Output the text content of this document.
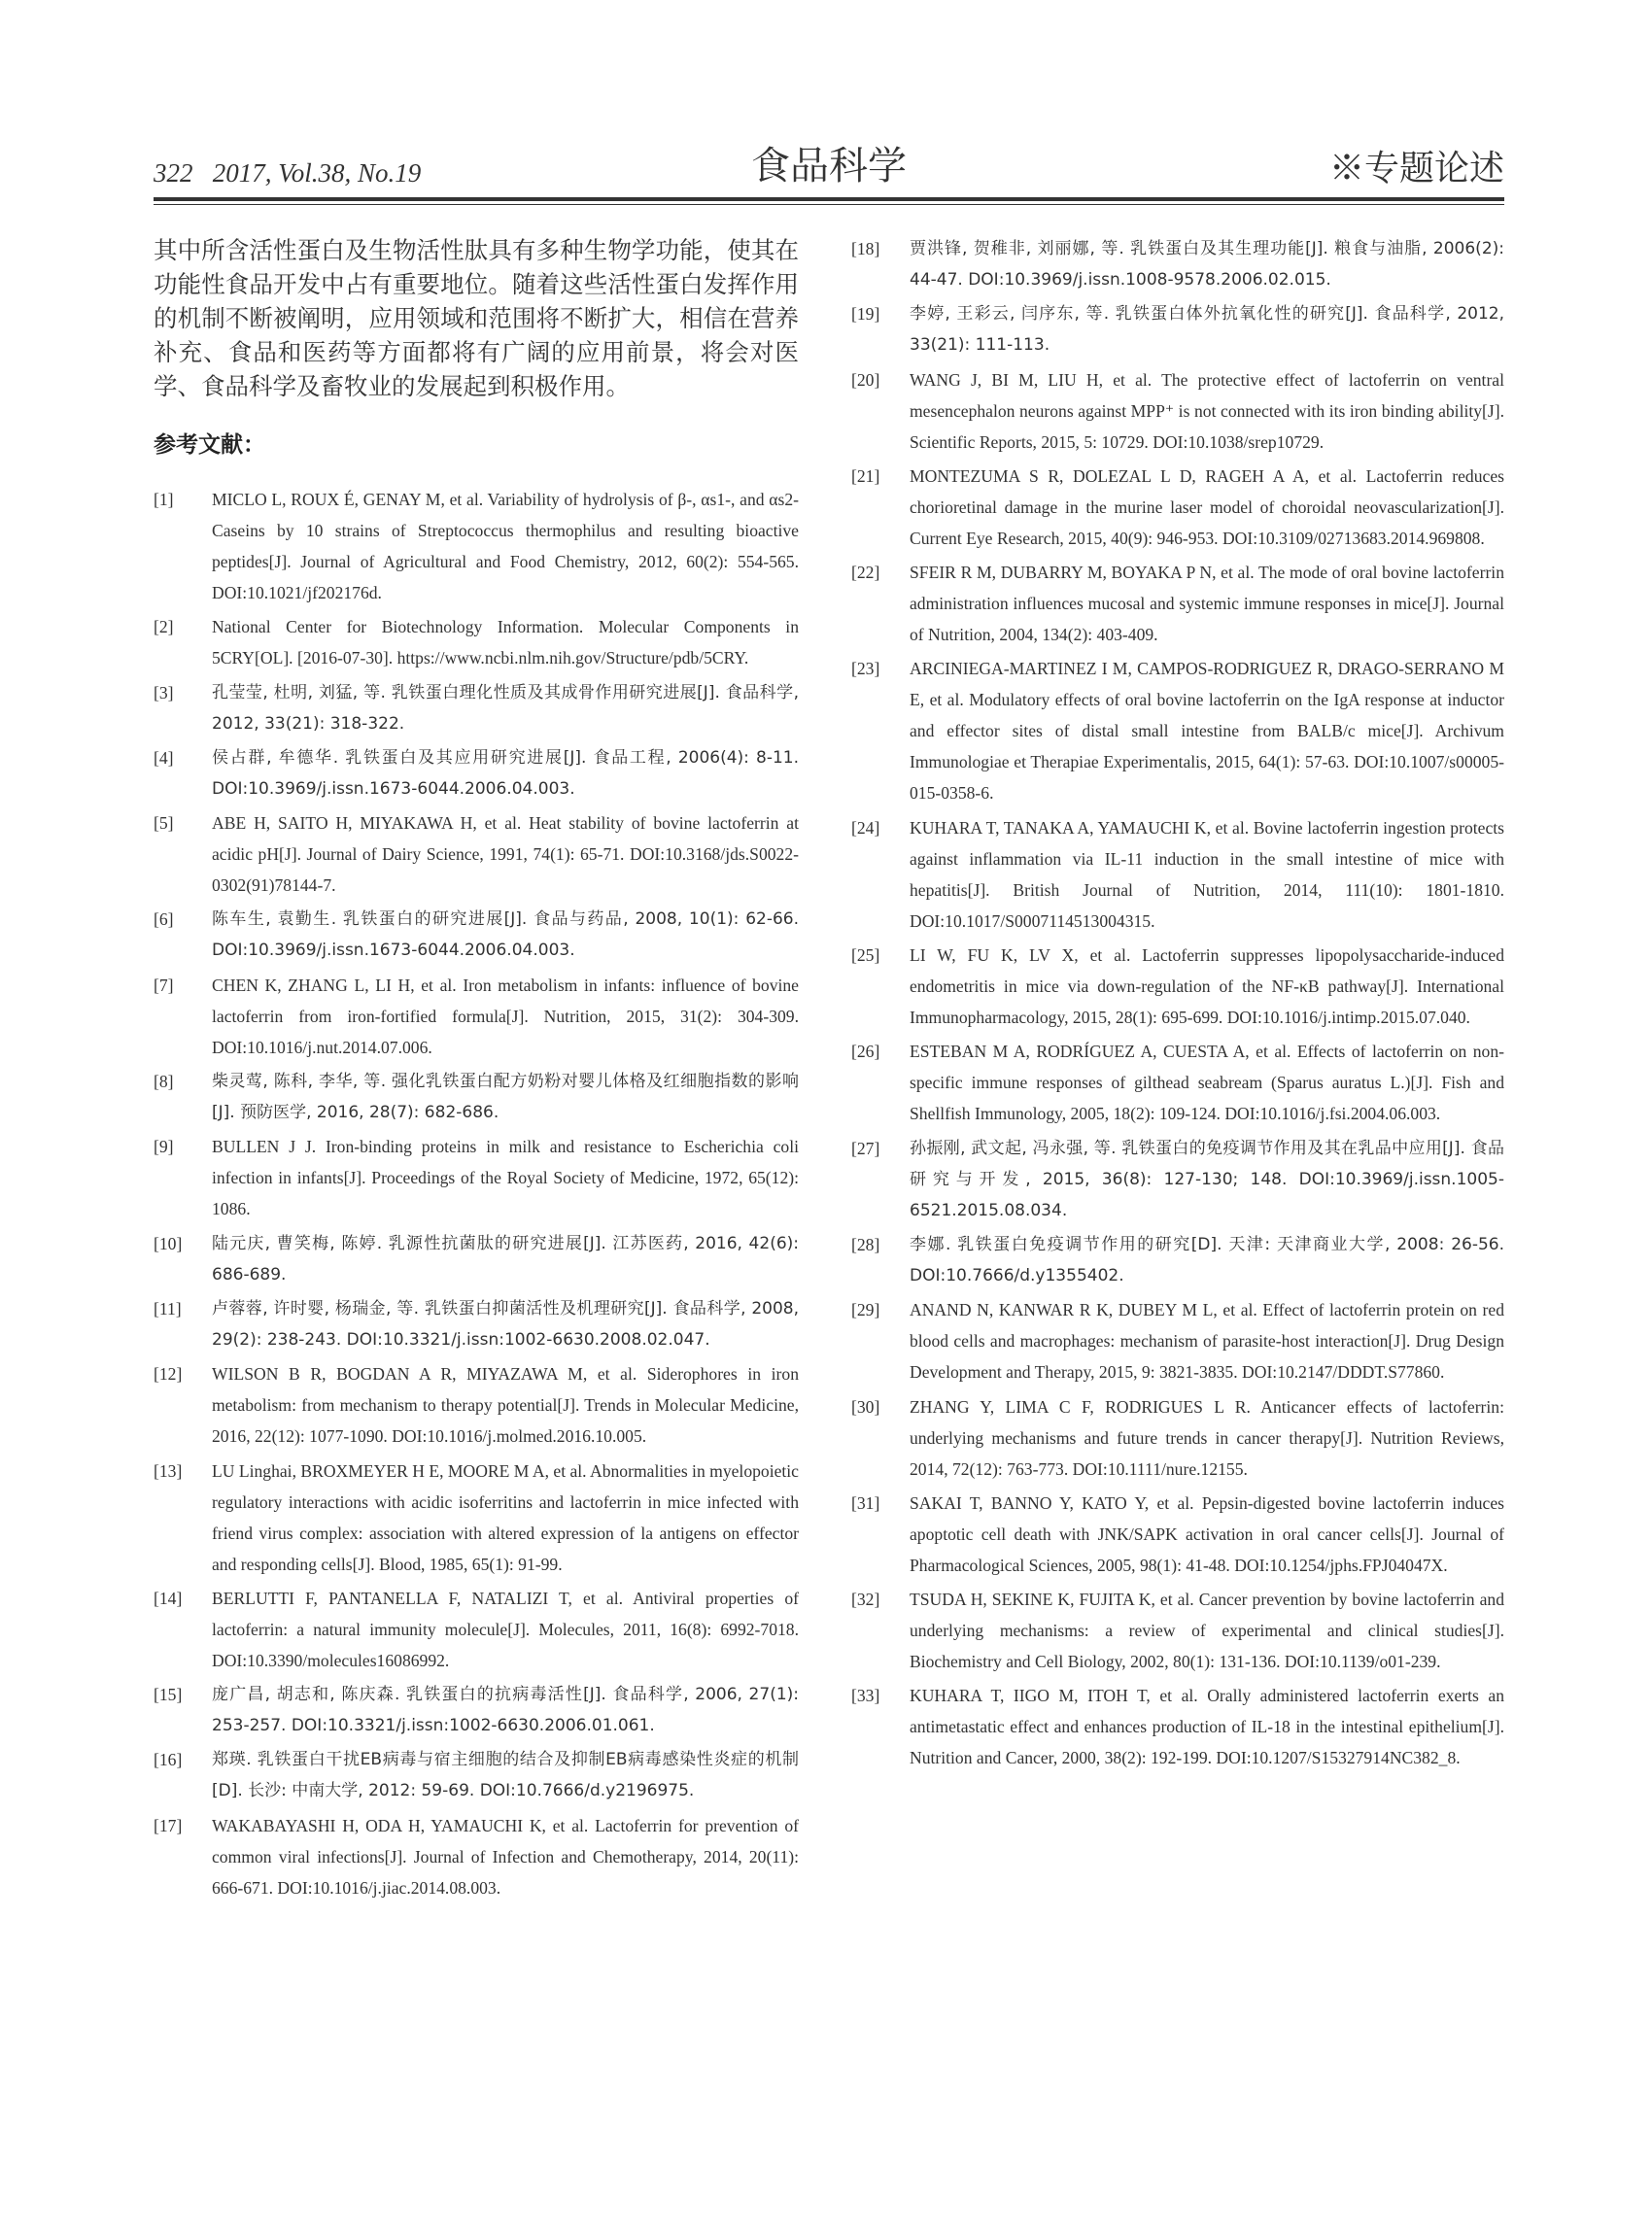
322 2017, Vol.38, No.19	食品科学	※专题论述

其中所含活性蛋白及生物活性肽具有多种生物学功能，使其在功能性食品开发中占有重要地位。随着这些活性蛋白发挥作用的机制不断被阐明，应用领域和范围将不断扩大，相信在营养补充、食品和医药等方面都将有广阔的应用前景，将会对医学、食品科学及畜牧业的发展起到积极作用。

参考文献：
[1] MICLO L, ROUX É, GENAY M, et al. Variability of hydrolysis of β-, αs1-, and αs2-Caseins by 10 strains of Streptococcus thermophilus and resulting bioactive peptides[J]. Journal of Agricultural and Food Chemistry, 2012, 60(2): 554-565. DOI:10.1021/jf202176d.
[2] National Center for Biotechnology Information. Molecular Components in 5CRY[OL]. [2016-07-30]. https://www.ncbi.nlm.nih.gov/Structure/pdb/5CRY.
[3] 孔莹莹, 杜明, 刘猛, 等. 乳铁蛋白理化性质及其成骨作用研究进展[J]. 食品科学, 2012, 33(21): 318-322.
[4] 侯占群, 牟德华. 乳铁蛋白及其应用研究进展[J]. 食品工程, 2006(4): 8-11. DOI:10.3969/j.issn.1673-6044.2006.04.003.
[5] ABE H, SAITO H, MIYAKAWA H, et al. Heat stability of bovine lactoferrin at acidic pH[J]. Journal of Dairy Science, 1991, 74(1): 65-71. DOI:10.3168/jds.S0022-0302(91)78144-7.
[6] 陈车生, 袁勤生. 乳铁蛋白的研究进展[J]. 食品与药品, 2008, 10(1): 62-66. DOI:10.3969/j.issn.1673-6044.2006.04.003.
[7] CHEN K, ZHANG L, LI H, et al. Iron metabolism in infants: influence of bovine lactoferrin from iron-fortified formula[J]. Nutrition, 2015, 31(2): 304-309. DOI:10.1016/j.nut.2014.07.006.
[8] 柴灵莺, 陈科, 李华, 等. 强化乳铁蛋白配方奶粉对婴儿体格及红细胞指数的影响[J]. 预防医学, 2016, 28(7): 682-686.
[9] BULLEN J J. Iron-binding proteins in milk and resistance to Escherichia coli infection in infants[J]. Proceedings of the Royal Society of Medicine, 1972, 65(12): 1086.
[10] 陆元庆, 曹笑梅, 陈婷. 乳源性抗菌肽的研究进展[J]. 江苏医药, 2016, 42(6): 686-689.
[11] 卢蓉蓉, 许时婴, 杨瑞金, 等. 乳铁蛋白抑菌活性及机理研究[J]. 食品科学, 2008, 29(2): 238-243. DOI:10.3321/j.issn:1002-6630.2008.02.047.
[12] WILSON B R, BOGDAN A R, MIYAZAWA M, et al. Siderophores in iron metabolism: from mechanism to therapy potential[J]. Trends in Molecular Medicine, 2016, 22(12): 1077-1090. DOI:10.1016/j.molmed.2016.10.005.
[13] LU Linghai, BROXMEYER H E, MOORE M A, et al. Abnormalities in myelopoietic regulatory interactions with acidic isoferritins and lactoferrin in mice infected with friend virus complex: association with altered expression of la antigens on effector and responding cells[J]. Blood, 1985, 65(1): 91-99.
[14] BERLUTTI F, PANTANELLA F, NATALIZI T, et al. Antiviral properties of lactoferrin: a natural immunity molecule[J]. Molecules, 2011, 16(8): 6992-7018. DOI:10.3390/molecules16086992.
[15] 庞广昌, 胡志和, 陈庆森. 乳铁蛋白的抗病毒活性[J]. 食品科学, 2006, 27(1): 253-257. DOI:10.3321/j.issn:1002-6630.2006.01.061.
[16] 郑瑛. 乳铁蛋白干扰EB病毒与宿主细胞的结合及抑制EB病毒感染性炎症的机制[D]. 长沙: 中南大学, 2012: 59-69. DOI:10.7666/d.y2196975.
[17] WAKABAYASHI H, ODA H, YAMAUCHI K, et al. Lactoferrin for prevention of common viral infections[J]. Journal of Infection and Chemotherapy, 2014, 20(11): 666-671. DOI:10.1016/j.jiac.2014.08.003.
[18] 贾洪锋, 贺稚非, 刘丽娜, 等. 乳铁蛋白及其生理功能[J]. 粮食与油脂, 2006(2): 44-47. DOI:10.3969/j.issn.1008-9578.2006.02.015.
[19] 李婷, 王彩云, 闫序东, 等. 乳铁蛋白体外抗氧化性的研究[J]. 食品科学, 2012, 33(21): 111-113.
[20] WANG J, BI M, LIU H, et al. The protective effect of lactoferrin on ventral mesencephalon neurons against MPP⁺ is not connected with its iron binding ability[J]. Scientific Reports, 2015, 5: 10729. DOI:10.1038/srep10729.
[21] MONTEZUMA S R, DOLEZAL L D, RAGEH A A, et al. Lactoferrin reduces chorioretinal damage in the murine laser model of choroidal neovascularization[J]. Current Eye Research, 2015, 40(9): 946-953. DOI:10.3109/02713683.2014.969808.
[22] SFEIR R M, DUBARRY M, BOYAKA P N, et al. The mode of oral bovine lactoferrin administration influences mucosal and systemic immune responses in mice[J]. Journal of Nutrition, 2004, 134(2): 403-409.
[23] ARCINIEGA-MARTINEZ I M, CAMPOS-RODRIGUEZ R, DRAGO-SERRANO M E, et al. Modulatory effects of oral bovine lactoferrin on the IgA response at inductor and effector sites of distal small intestine from BALB/c mice[J]. Archivum Immunologiae et Therapiae Experimentalis, 2015, 64(1): 57-63. DOI:10.1007/s00005-015-0358-6.
[24] KUHARA T, TANAKA A, YAMAUCHI K, et al. Bovine lactoferrin ingestion protects against inflammation via IL-11 induction in the small intestine of mice with hepatitis[J]. British Journal of Nutrition, 2014, 111(10): 1801-1810. DOI:10.1017/S0007114513004315.
[25] LI W, FU K, LV X, et al. Lactoferrin suppresses lipopolysaccharide-induced endometritis in mice via down-regulation of the NF-κB pathway[J]. International Immunopharmacology, 2015, 28(1): 695-699. DOI:10.1016/j.intimp.2015.07.040.
[26] ESTEBAN M A, RODRÍGUEZ A, CUESTA A, et al. Effects of lactoferrin on non-specific immune responses of gilthead seabream (Sparus auratus L.)[J]. Fish and Shellfish Immunology, 2005, 18(2): 109-124. DOI:10.1016/j.fsi.2004.06.003.
[27] 孙振刚, 武文起, 冯永强, 等. 乳铁蛋白的免疫调节作用及其在乳品中应用[J]. 食品研究与开发, 2015, 36(8): 127-130; 148. DOI:10.3969/j.issn.1005-6521.2015.08.034.
[28] 李娜. 乳铁蛋白免疫调节作用的研究[D]. 天津: 天津商业大学, 2008: 26-56. DOI:10.7666/d.y1355402.
[29] ANAND N, KANWAR R K, DUBEY M L, et al. Effect of lactoferrin protein on red blood cells and macrophages: mechanism of parasite-host interaction[J]. Drug Design Development and Therapy, 2015, 9: 3821-3835. DOI:10.2147/DDDT.S77860.
[30] ZHANG Y, LIMA C F, RODRIGUES L R. Anticancer effects of lactoferrin: underlying mechanisms and future trends in cancer therapy[J]. Nutrition Reviews, 2014, 72(12): 763-773. DOI:10.1111/nure.12155.
[31] SAKAI T, BANNO Y, KATO Y, et al. Pepsin-digested bovine lactoferrin induces apoptotic cell death with JNK/SAPK activation in oral cancer cells[J]. Journal of Pharmacological Sciences, 2005, 98(1): 41-48. DOI:10.1254/jphs.FPJ04047X.
[32] TSUDA H, SEKINE K, FUJITA K, et al. Cancer prevention by bovine lactoferrin and underlying mechanisms: a review of experimental and clinical studies[J]. Biochemistry and Cell Biology, 2002, 80(1): 131-136. DOI:10.1139/o01-239.
[33] KUHARA T, IIGO M, ITOH T, et al. Orally administered lactoferrin exerts an antimetastatic effect and enhances production of IL-18 in the intestinal epithelium[J]. Nutrition and Cancer, 2000, 38(2): 192-199. DOI:10.1207/S15327914NC382_8.
